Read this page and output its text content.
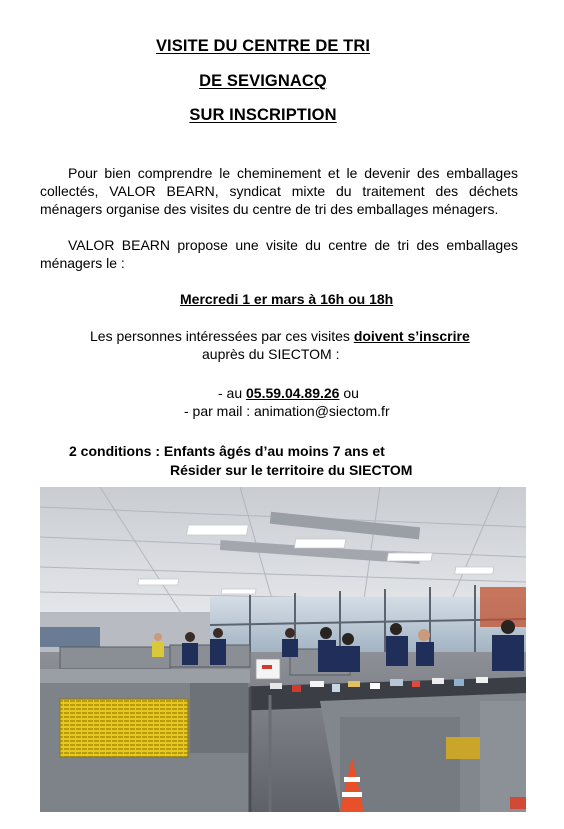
VISITE DU CENTRE DE TRI
DE SEVIGNACQ
SUR INSCRIPTION
Pour bien comprendre le cheminement et le devenir des emballages collectés, VALOR BEARN, syndicat mixte du traitement des déchets ménagers organise des visites du centre de tri des emballages ménagers.
VALOR BEARN propose une visite du centre de tri des emballages ménagers le :
Mercredi 1 er mars à 16h ou 18h
Les personnes intéressées par ces visites doivent s’inscrire
auprès du SIECTOM :
- au 05.59.04.89.26 ou
- par mail : animation@siectom.fr
2 conditions : Enfants âgés d’au moins 7 ans et
Résider sur le territoire du SIECTOM
